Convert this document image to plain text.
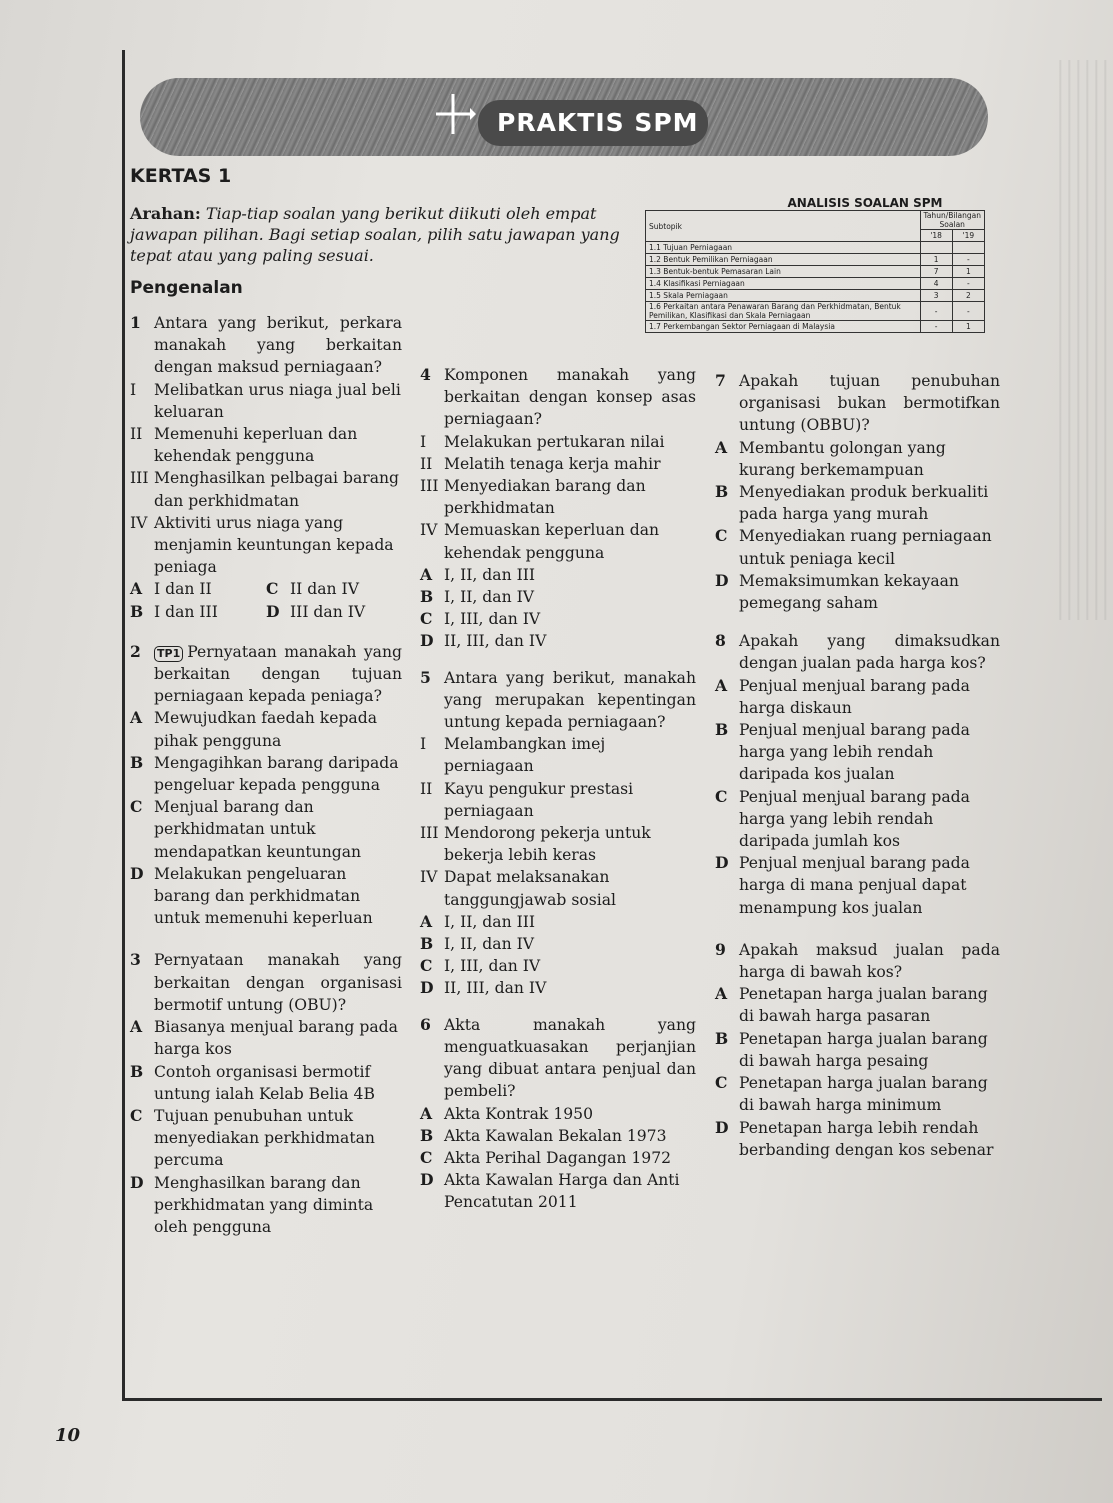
PRAKTIS SPM
KERTAS 1
Arahan: Tiap-tiap soalan yang berikut diikuti oleh empat jawapan pilihan. Bagi setiap soalan, pilih satu jawapan yang tepat atau yang paling sesuai.
Pengenalan
ANALISIS SOALAN SPM
Subtopik	Tahun/Bilangan Soalan	
	'18	'19
1.1 Tujuan Perniagaan		
1.2 Bentuk Pemilikan Perniagaan	1	-
1.3 Bentuk-bentuk Pemasaran Lain	7	1
1.4 Klasifikasi Perniagaan	4	-
1.5 Skala Perniagaan	3	2
1.6 Perkaitan antara Penawaran Barang dan Perkhidmatan, Bentuk Pemilikan, Klasifikasi dan Skala Perniagaan	-	-
1.7 Perkembangan Sektor Perniagaan di Malaysia	-	1
1 Antara yang berikut, perkara manakah yang berkaitan dengan maksud perniagaan?
I	Melibatkan urus niaga jual beli keluaran
II Memenuhi keperluan dan kehendak pengguna
III Menghasilkan pelbagai barang dan perkhidmatan
IV Aktiviti urus niaga yang menjamin keuntungan kepada peniaga
A I dan II	C II dan IV
B I dan III	D III dan IV
2	TP1 Pernyataan manakah yang berkaitan dengan tujuan perniagaan kepada peniaga?
A Mewujudkan faedah kepada pihak pengguna
B Mengagihkan barang daripada pengeluar kepada pengguna
C Menjual barang dan perkhidmatan untuk mendapatkan keuntungan
D Melakukan pengeluaran barang dan perkhidmatan untuk memenuhi keperluan
3 Pernyataan manakah yang berkaitan dengan organisasi bermotif untung (OBU)?
A Biasanya menjual barang pada harga kos
B Contoh organisasi bermotif untung ialah Kelab Belia 4B
C Tujuan penubuhan untuk menyediakan perkhidmatan percuma
D Menghasilkan barang dan perkhidmatan yang diminta oleh pengguna
4 Komponen manakah yang berkaitan dengan konsep asas perniagaan?
I	Melakukan pertukaran nilai
II Melatih tenaga kerja mahir
III Menyediakan barang dan perkhidmatan
IV Memuaskan keperluan dan kehendak pengguna
A I, II, dan III
B I, II, dan IV
C I, III, dan IV
D II, III, dan IV
5 Antara yang berikut, manakah yang merupakan kepentingan untung kepada perniagaan?
I	Melambangkan imej perniagaan
II Kayu pengukur prestasi perniagaan
III Mendorong pekerja untuk bekerja lebih keras
IV Dapat melaksanakan tanggungjawab sosial
A I, II, dan III
B I, II, dan IV
C I, III, dan IV
D II, III, dan IV
6 Akta manakah yang menguatkuasakan perjanjian yang dibuat antara penjual dan pembeli?
A Akta Kontrak 1950
B Akta Kawalan Bekalan 1973
C Akta Perihal Dagangan 1972
D Akta Kawalan Harga dan Anti Pencatutan 2011
7 Apakah tujuan penubuhan organisasi bukan bermotifkan untung (OBBU)?
A Membantu golongan yang kurang berkemampuan
B Menyediakan produk berkualiti pada harga yang murah
C Menyediakan ruang perniagaan untuk peniaga kecil
D Memaksimumkan kekayaan pemegang saham
8 Apakah yang dimaksudkan dengan jualan pada harga kos?
A Penjual menjual barang pada harga diskaun
B Penjual menjual barang pada harga yang lebih rendah daripada kos jualan
C Penjual menjual barang pada harga yang lebih rendah daripada jumlah kos
D Penjual menjual barang pada harga di mana penjual dapat menampung kos jualan
9 Apakah maksud jualan pada harga di bawah kos?
A Penetapan harga jualan barang di bawah harga pasaran
B Penetapan harga jualan barang di bawah harga pesaing
C Penetapan harga jualan barang di bawah harga minimum
D Penetapan harga lebih rendah berbanding dengan kos sebenar
10
